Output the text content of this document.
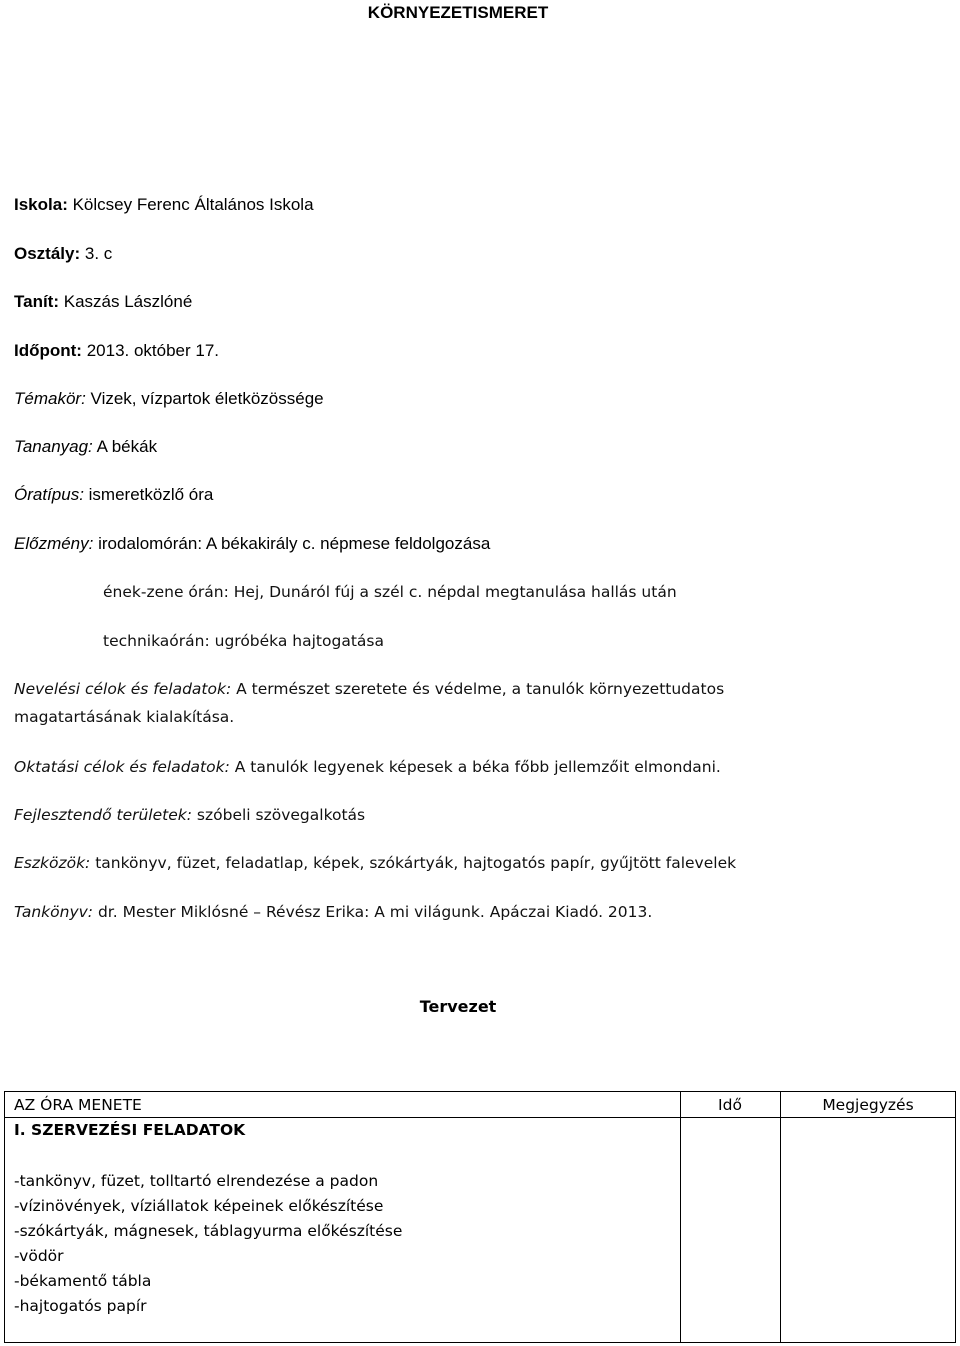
KÖRNYEZETISMERET
Iskola: Kölcsey Ferenc Általános Iskola
Osztály: 3. c
Tanít: Kaszás Lászlóné
Időpont: 2013. október 17.
Témakör: Vizek, vízpartok életközössége
Tananyag: A békák
Óratípus: ismeretközlő óra
Előzmény: irodalomórán: A békakirály c. népmese feldolgozása
ének-zene órán: Hej, Dunáról fúj a szél c. népdal megtanulása hallás után
technikaórán: ugróbéka hajtogatása
Nevelési célok és feladatok: A természet szeretete és védelme, a tanulók környezettudatos
magatartásának kialakítása.
Oktatási célok és feladatok: A tanulók legyenek képesek a béka főbb jellemzőit elmondani.
Fejlesztendő területek: szóbeli szövegalkotás
Eszközök: tankönyv, füzet, feladatlap, képek, szókártyák, hajtogatós papír, gyűjtött falevelek
Tankönyv: dr. Mester Miklósné – Révész Erika: A mi világunk. Apáczai Kiadó. 2013.
Tervezet
AZ ÓRA MENETE	Idő	Megjegyzés
I. SZERVEZÉSI FELADATOK
-tankönyv, füzet, tolltartó elrendezése a padon
-vízinövények, víziállatok képeinek előkészítése
-szókártyák, mágnesek, táblagyurma előkészítése
-vödör
-békamentő tábla
-hajtogatós papír
